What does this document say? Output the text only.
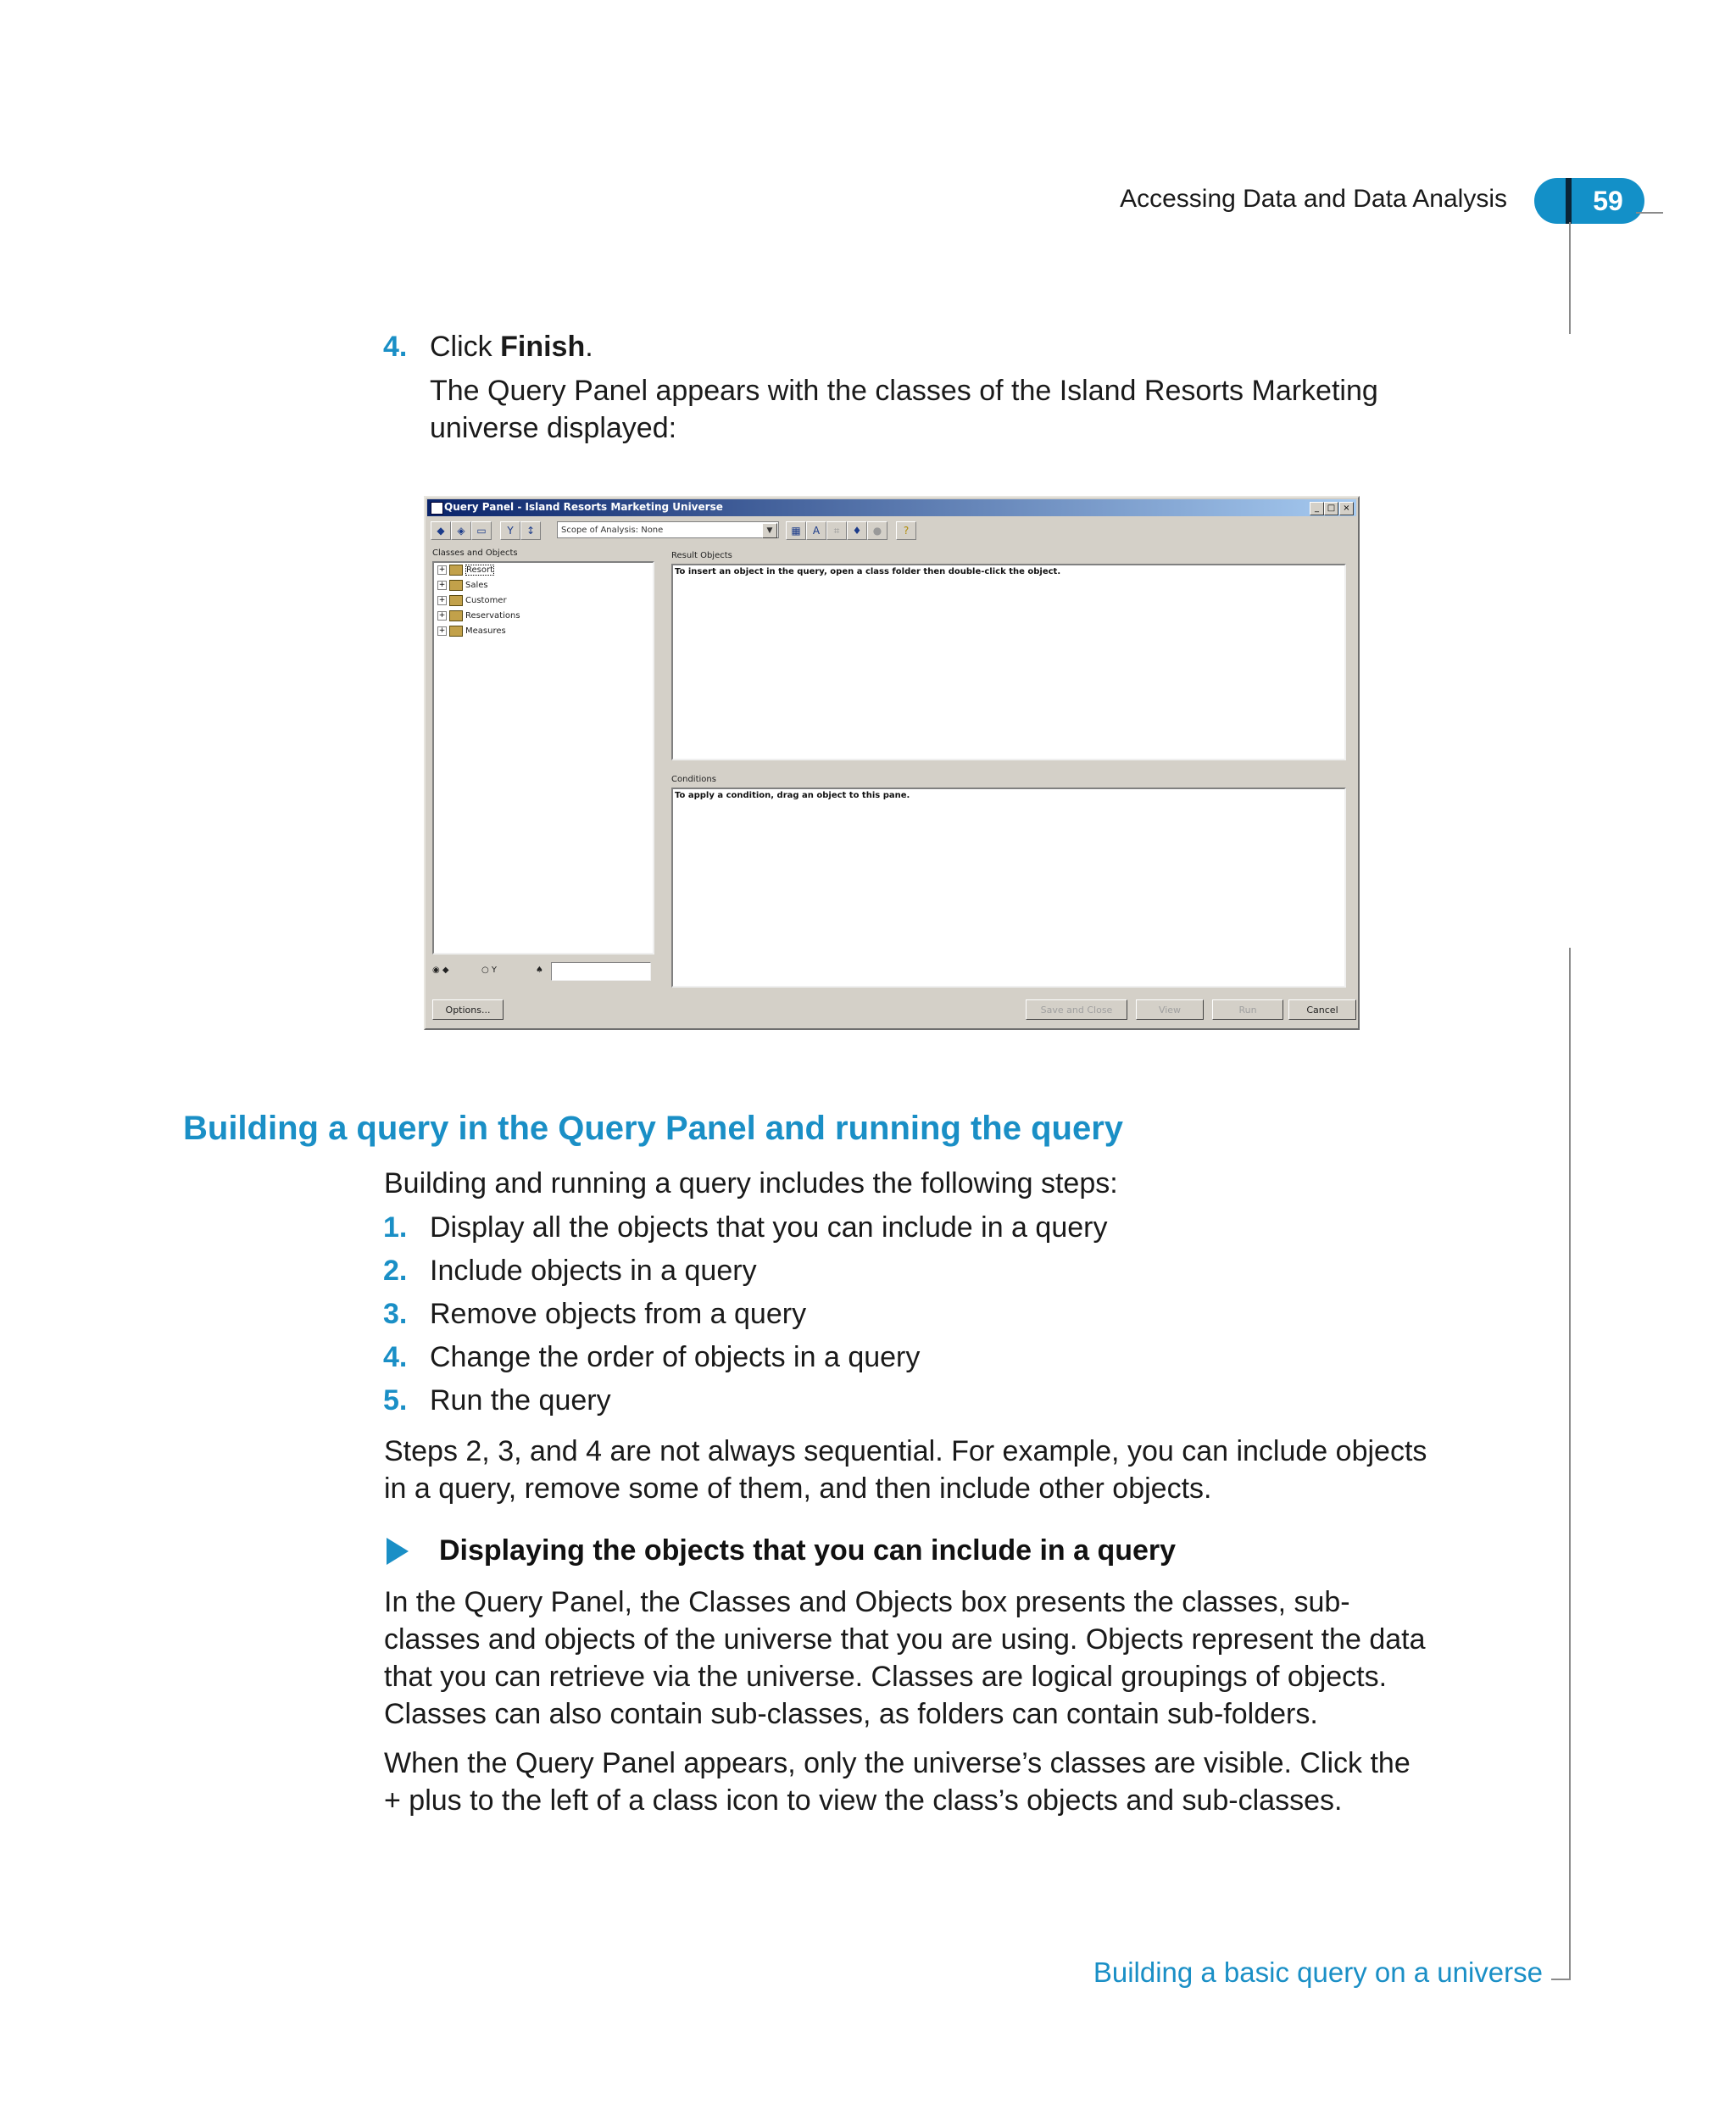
Accessing Data and Data Analysis	59
4. Click Finish.
The Query Panel appears with the classes of the Island Resorts Marketing
universe displayed:
Query Panel - Island Resorts Marketing Universe	_ □ ×
◆	◈	▭	Y	↕	Scope of Analysis: None	▼	▦	A	⌗	♦	●	?
Classes and Objects
+ Resort
+ Sales
+ Customer
+ Reservations
+ Measures
◉ ◆	○ Y	♠
Result Objects
To insert an object in the query, open a class folder then double-click the object.
Conditions
To apply a condition, drag an object to this pane.
Options...	Save and Close	View	Run	Cancel
Building a query in the Query Panel and running the query
Building and running a query includes the following steps:
1. Display all the objects that you can include in a query
2. Include objects in a query
3. Remove objects from a query
4. Change the order of objects in a query
5. Run the query
Steps 2, 3, and 4 are not always sequential. For example, you can include objects
in a query, remove some of them, and then include other objects.
Displaying the objects that you can include in a query
In the Query Panel, the Classes and Objects box presents the classes, sub-
classes and objects of the universe that you are using. Objects represent the data
that you can retrieve via the universe. Classes are logical groupings of objects.
Classes can also contain sub-classes, as folders can contain sub-folders.
When the Query Panel appears, only the universe’s classes are visible. Click the
+ plus to the left of a class icon to view the class’s objects and sub-classes.
Building a basic query on a universe
